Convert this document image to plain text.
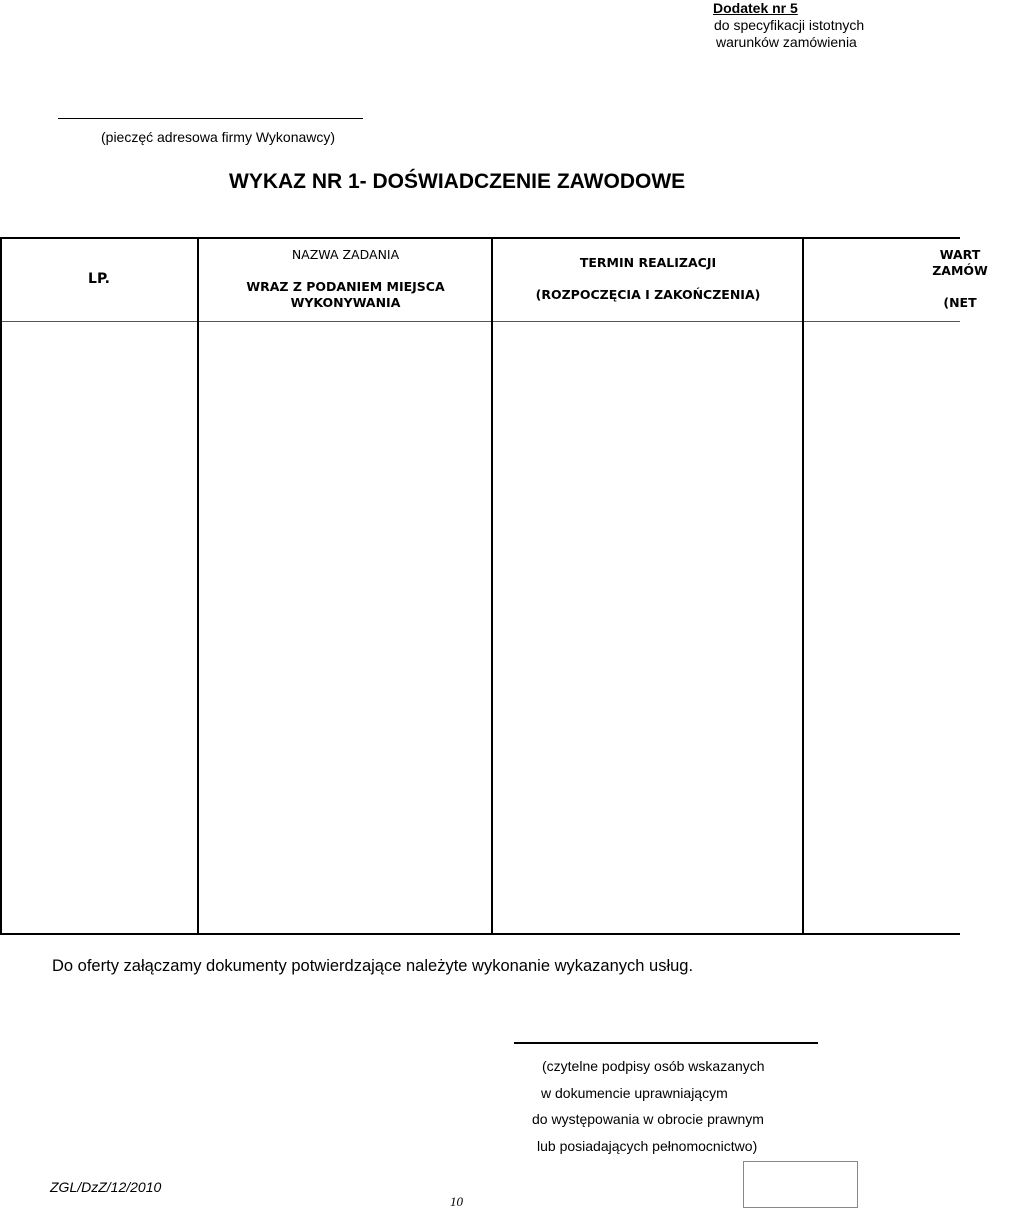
Dodatek nr 5
do specyfikacji istotnych
warunków zamówienia
(pieczęć adresowa firmy Wykonawcy)
WYKAZ NR 1- DOŚWIADCZENIE ZAWODOWE
LP.
NAZWA ZADANIA
WRAZ Z PODANIEM MIEJSCA
WYKONYWANIA
TERMIN REALIZACJI
(ROZPOCZĘCIA I ZAKOŃCZENIA)
WART
ZAMÓW
(NET
Do oferty załączamy dokumenty potwierdzające należyte wykonanie wykazanych usług.
(czytelne podpisy osób wskazanych
w dokumencie uprawniającym
do występowania w obrocie prawnym
lub posiadających pełnomocnictwo)
ZGL/DzZ/12/2010
10
